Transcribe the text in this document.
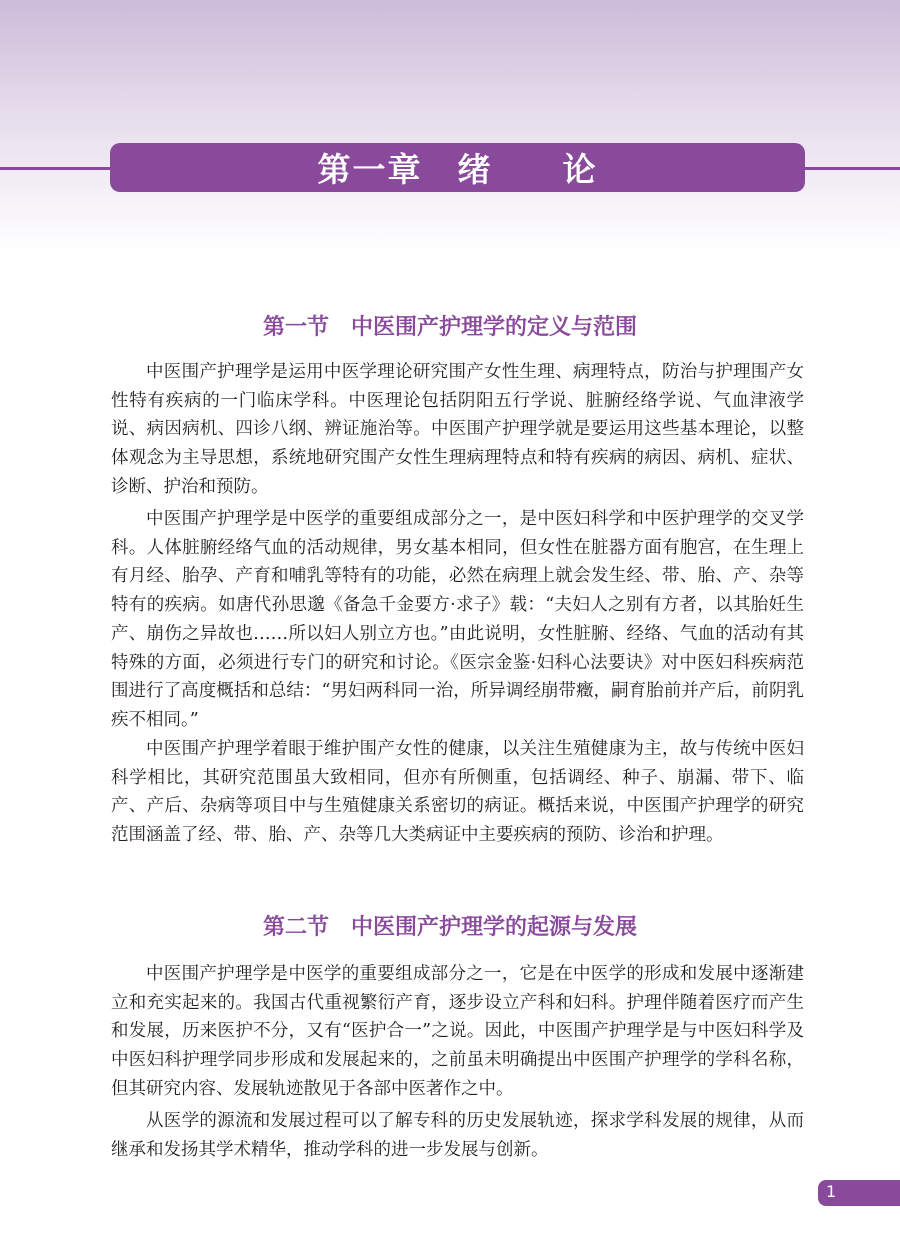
第一章　绪　　论
第一节　中医围产护理学的定义与范围

中医围产护理学是运用中医学理论研究围产女性生理、病理特点，防治与护理围产女性特有疾病的一门临床学科。中医理论包括阴阳五行学说、脏腑经络学说、气血津液学说、病因病机、四诊八纲、辨证施治等。中医围产护理学就是要运用这些基本理论，以整体观念为主导思想，系统地研究围产女性生理病理特点和特有疾病的病因、病机、症状、诊断、护治和预防。

中医围产护理学是中医学的重要组成部分之一，是中医妇科学和中医护理学的交叉学科。人体脏腑经络气血的活动规律，男女基本相同，但女性在脏器方面有胞宫，在生理上有月经、胎孕、产育和哺乳等特有的功能，必然在病理上就会发生经、带、胎、产、杂等特有的疾病。如唐代孙思邈《备急千金要方·求子》载：“夫妇人之别有方者，以其胎妊生产、崩伤之异故也……所以妇人别立方也。”由此说明，女性脏腑、经络、气血的活动有其特殊的方面，必须进行专门的研究和讨论。《医宗金鉴·妇科心法要诀》对中医妇科疾病范围进行了高度概括和总结：“男妇两科同一治，所异调经崩带癥，嗣育胎前并产后，前阴乳疾不相同。”

中医围产护理学着眼于维护围产女性的健康，以关注生殖健康为主，故与传统中医妇科学相比，其研究范围虽大致相同，但亦有所侧重，包括调经、种子、崩漏、带下、临产、产后、杂病等项目中与生殖健康关系密切的病证。概括来说，中医围产护理学的研究范围涵盖了经、带、胎、产、杂等几大类病证中主要疾病的预防、诊治和护理。

第二节　中医围产护理学的起源与发展

中医围产护理学是中医学的重要组成部分之一，它是在中医学的形成和发展中逐渐建立和充实起来的。我国古代重视繁衍产育，逐步设立产科和妇科。护理伴随着医疗而产生和发展，历来医护不分，又有“医护合一”之说。因此，中医围产护理学是与中医妇科学及中医妇科护理学同步形成和发展起来的，之前虽未明确提出中医围产护理学的学科名称，但其研究内容、发展轨迹散见于各部中医著作之中。

从医学的源流和发展过程可以了解专科的历史发展轨迹，探求学科发展的规律，从而继承和发扬其学术精华，推动学科的进一步发展与创新。

1
